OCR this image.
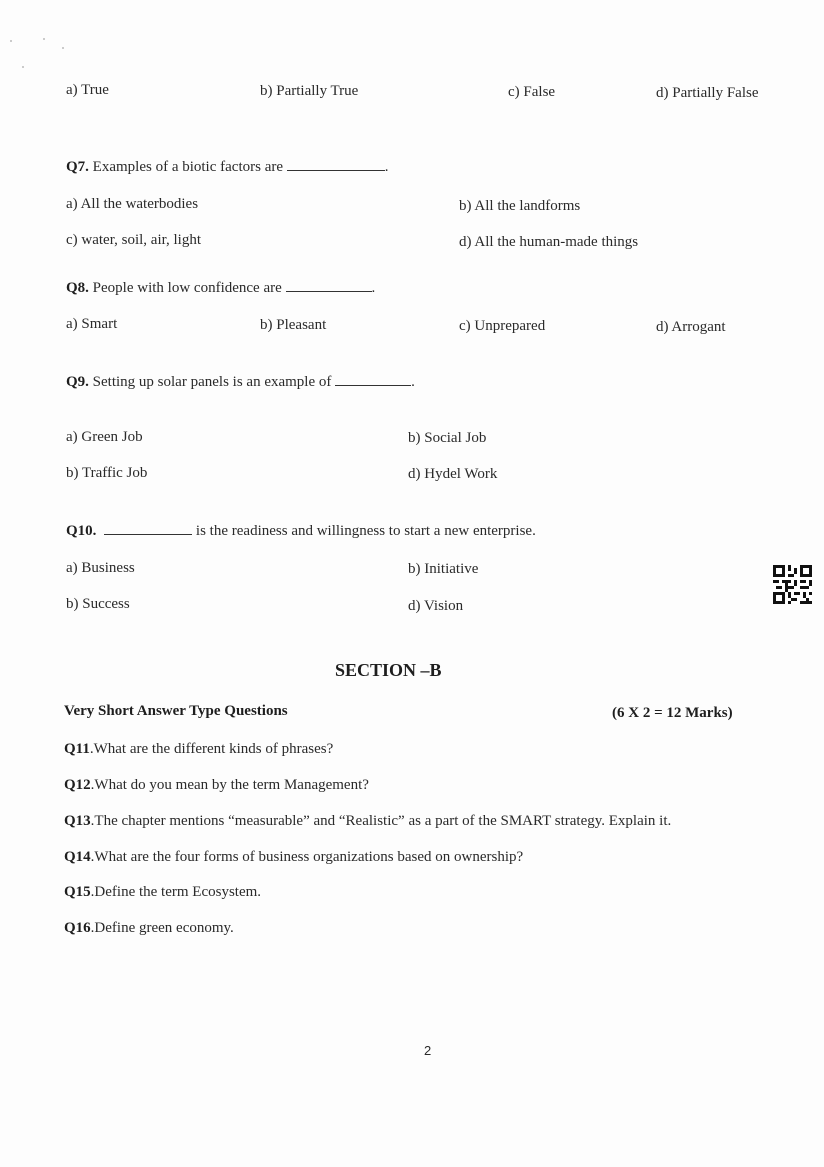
a) True	b) Partially True	c) False	d) Partially False
Q7. Examples of a biotic factors are	.
a) All the waterbodies	b) All the landforms
c) water, soil, air, light	d) All the human-made things
Q8. People with low confidence are	.
a) Smart	b) Pleasant	c) Unprepared	d) Arrogant
Q9. Setting up solar panels is an example of	.
a) Green Job	b) Social Job
b) Traffic Job	d) Hydel Work
Q10.	is the readiness and willingness to start a new enterprise.
a) Business	b) Initiative
b) Success	d) Vision
SECTION –B
Very Short Answer Type Questions	(6 X 2 = 12 Marks)
Q11.What are the different kinds of phrases?
Q12.What do you mean by the term Management?
Q13.The chapter mentions “measurable” and “Realistic” as a part of the SMART strategy. Explain it.
Q14.What are the four forms of business organizations based on ownership?
Q15.Define the term Ecosystem.
Q16.Define green economy.
2
